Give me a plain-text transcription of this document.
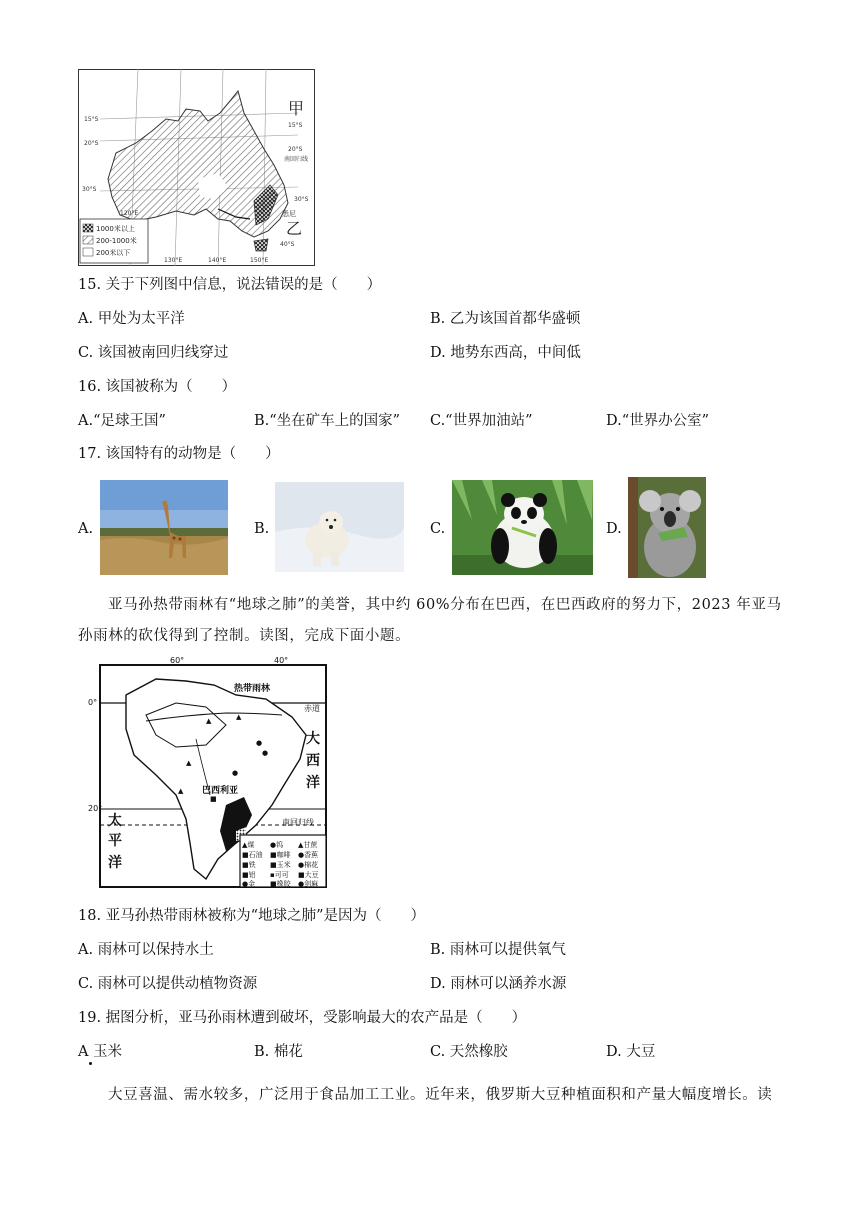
15°S
20°S
30°S
15°S
20°S
30°S
40°S
南回归线
120°E
130°E	140°E	150°E
甲
乙
悉尼
1000米以上
200-1000米
200米以下
15. 关于下列图中信息，说法错误的是（　　）
A. 甲处为太平洋	B. 乙为该国首都华盛顿
C. 该国被南回归线穿过	D. 地势东西高，中间低
16. 该国被称为（　　）
A.“足球王国”	B.“坐在矿车上的国家” C.“世界加油站”	D.“世界办公室”
17. 该国特有的动物是（　　）
A.	B.	C.	D.
亚马孙热带雨林有“地球之肺”的美誉，其中约 60%分布在巴西，在巴西政府的努力下，2023 年亚马
孙雨林的砍伐得到了控制。读图，完成下面小题。
60°	40°
0°
20°
▲	▲
▲
●
●
●
▲
■
热带雨林
赤道
大
西
洋
太
平
洋
巴西利亚
南回归线
▲煤 ●钨 ▲甘蔗
■石油 ■咖啡 ●香蕉
■铁 ■玉米 ●棉花
■铝 ▪可可 ■大豆
●金 ■橡胶 ●剑麻
18. 亚马孙热带雨林被称为“地球之肺”是因为（　　）
A. 雨林可以保持水土	B. 雨林可以提供氧气
C. 雨林可以提供动植物资源	D. 雨林可以涵养水源
19. 据图分析，亚马孙雨林遭到破坏，受影响最大的农产品是（　　）
A 玉米	B. 棉花	C. 天然橡胶	D. 大豆
大豆喜温、需水较多，广泛用于食品加工工业。近年来，俄罗斯大豆种植面积和产量大幅度增长。读
